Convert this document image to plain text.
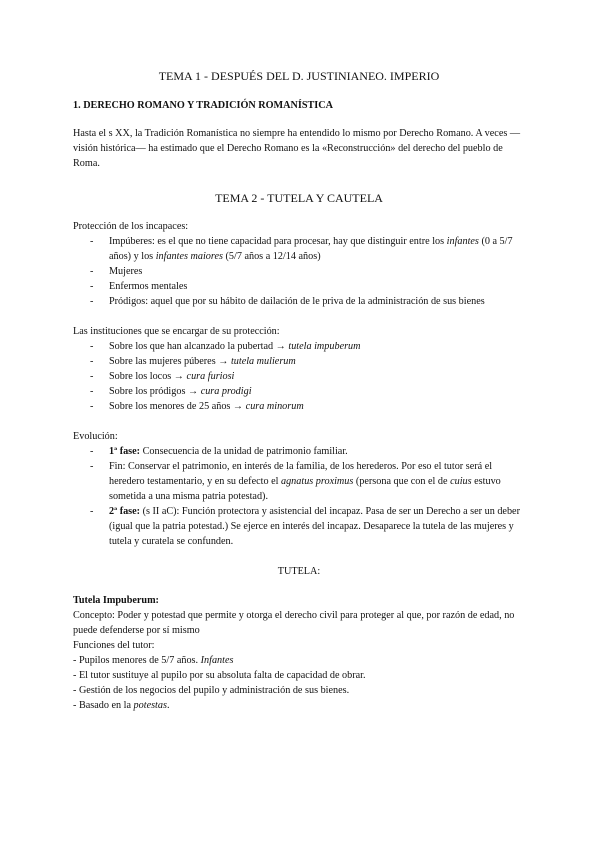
TEMA 1 - DESPUÉS DEL D. JUSTINIANEO. IMPERIO

1. DERECHO ROMANO Y TRADICIÓN ROMANÍSTICA

Hasta el s XX, la Tradición Romanística no siempre ha entendido lo mismo por Derecho Romano. A veces —visión histórica— ha estimado que el Derecho Romano es la «Reconstrucción» del derecho del pueblo de Roma.

TEMA 2 - TUTELA Y CAUTELA

Protección de los incapaces:

- Impúberes: es el que no tiene capacidad para procesar, hay que distinguir entre los infantes (0 a 5/7 años) y los infantes maiores (5/7 años a 12/14 años)
- Mujeres
- Enfermos mentales
- Pródigos: aquel que por su hábito de dailación de le priva de la administración de sus bienes

Las instituciones que se encargar de su protección:

- Sobre los que han alcanzado la pubertad → tutela impuberum
- Sobre las mujeres púberes → tutela mulierum
- Sobre los locos → cura furiosi
- Sobre los pródigos → cura prodigi
- Sobre los menores de 25 años → cura minorum

Evolución:

- 1ª fase: Consecuencia de la unidad de patrimonio familiar.
- Fin: Conservar el patrimonio, en interés de la familia, de los herederos. Por eso el tutor será el heredero testamentario, y en su defecto el agnatus proximus (persona que con el de cuius estuvo sometida a una misma patria potestad).
- 2ª fase: (s II aC): Función protectora y asistencial del incapaz. Pasa de ser un Derecho a ser un deber (igual que la patria potestad.) Se ejerce en interés del incapaz. Desaparece la tutela de las mujeres y tutela y curatela se confunden.

TUTELA:

Tutela Impuberum:

Concepto: Poder y potestad que permite y otorga el derecho civil para proteger al que, por razón de edad, no puede defenderse por sí mismo

Funciones del tutor:

- Pupilos menores de 5/7 años. Infantes

- El tutor sustituye al pupilo por su absoluta falta de capacidad de obrar.

- Gestión de los negocios del pupilo y administración de sus bienes.

- Basado en la potestas.
